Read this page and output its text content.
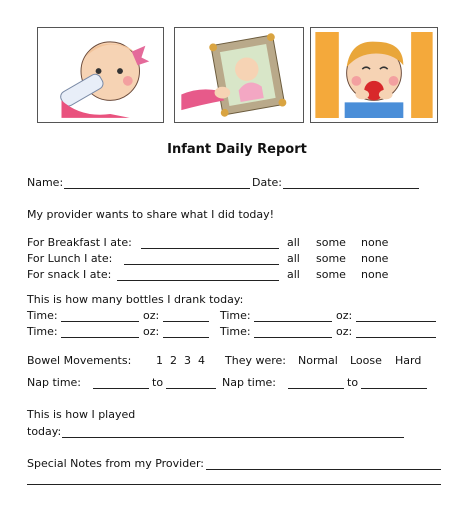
Infant Daily Report
Name:	Date:
My provider wants to share what I did today!
For Breakfast I ate:	all some none
For Lunch I ate:	all some none
For snack I ate:	all some none
This is how many bottles I drank today:
Time:	oz:	Time:	oz:
Time:	oz:	Time:	oz:
Bowel Movements: 1 2 3 4 They were: Normal Loose Hard
Nap time:	to	Nap time:	to
This is how I played
today:
Special Notes from my Provider:
